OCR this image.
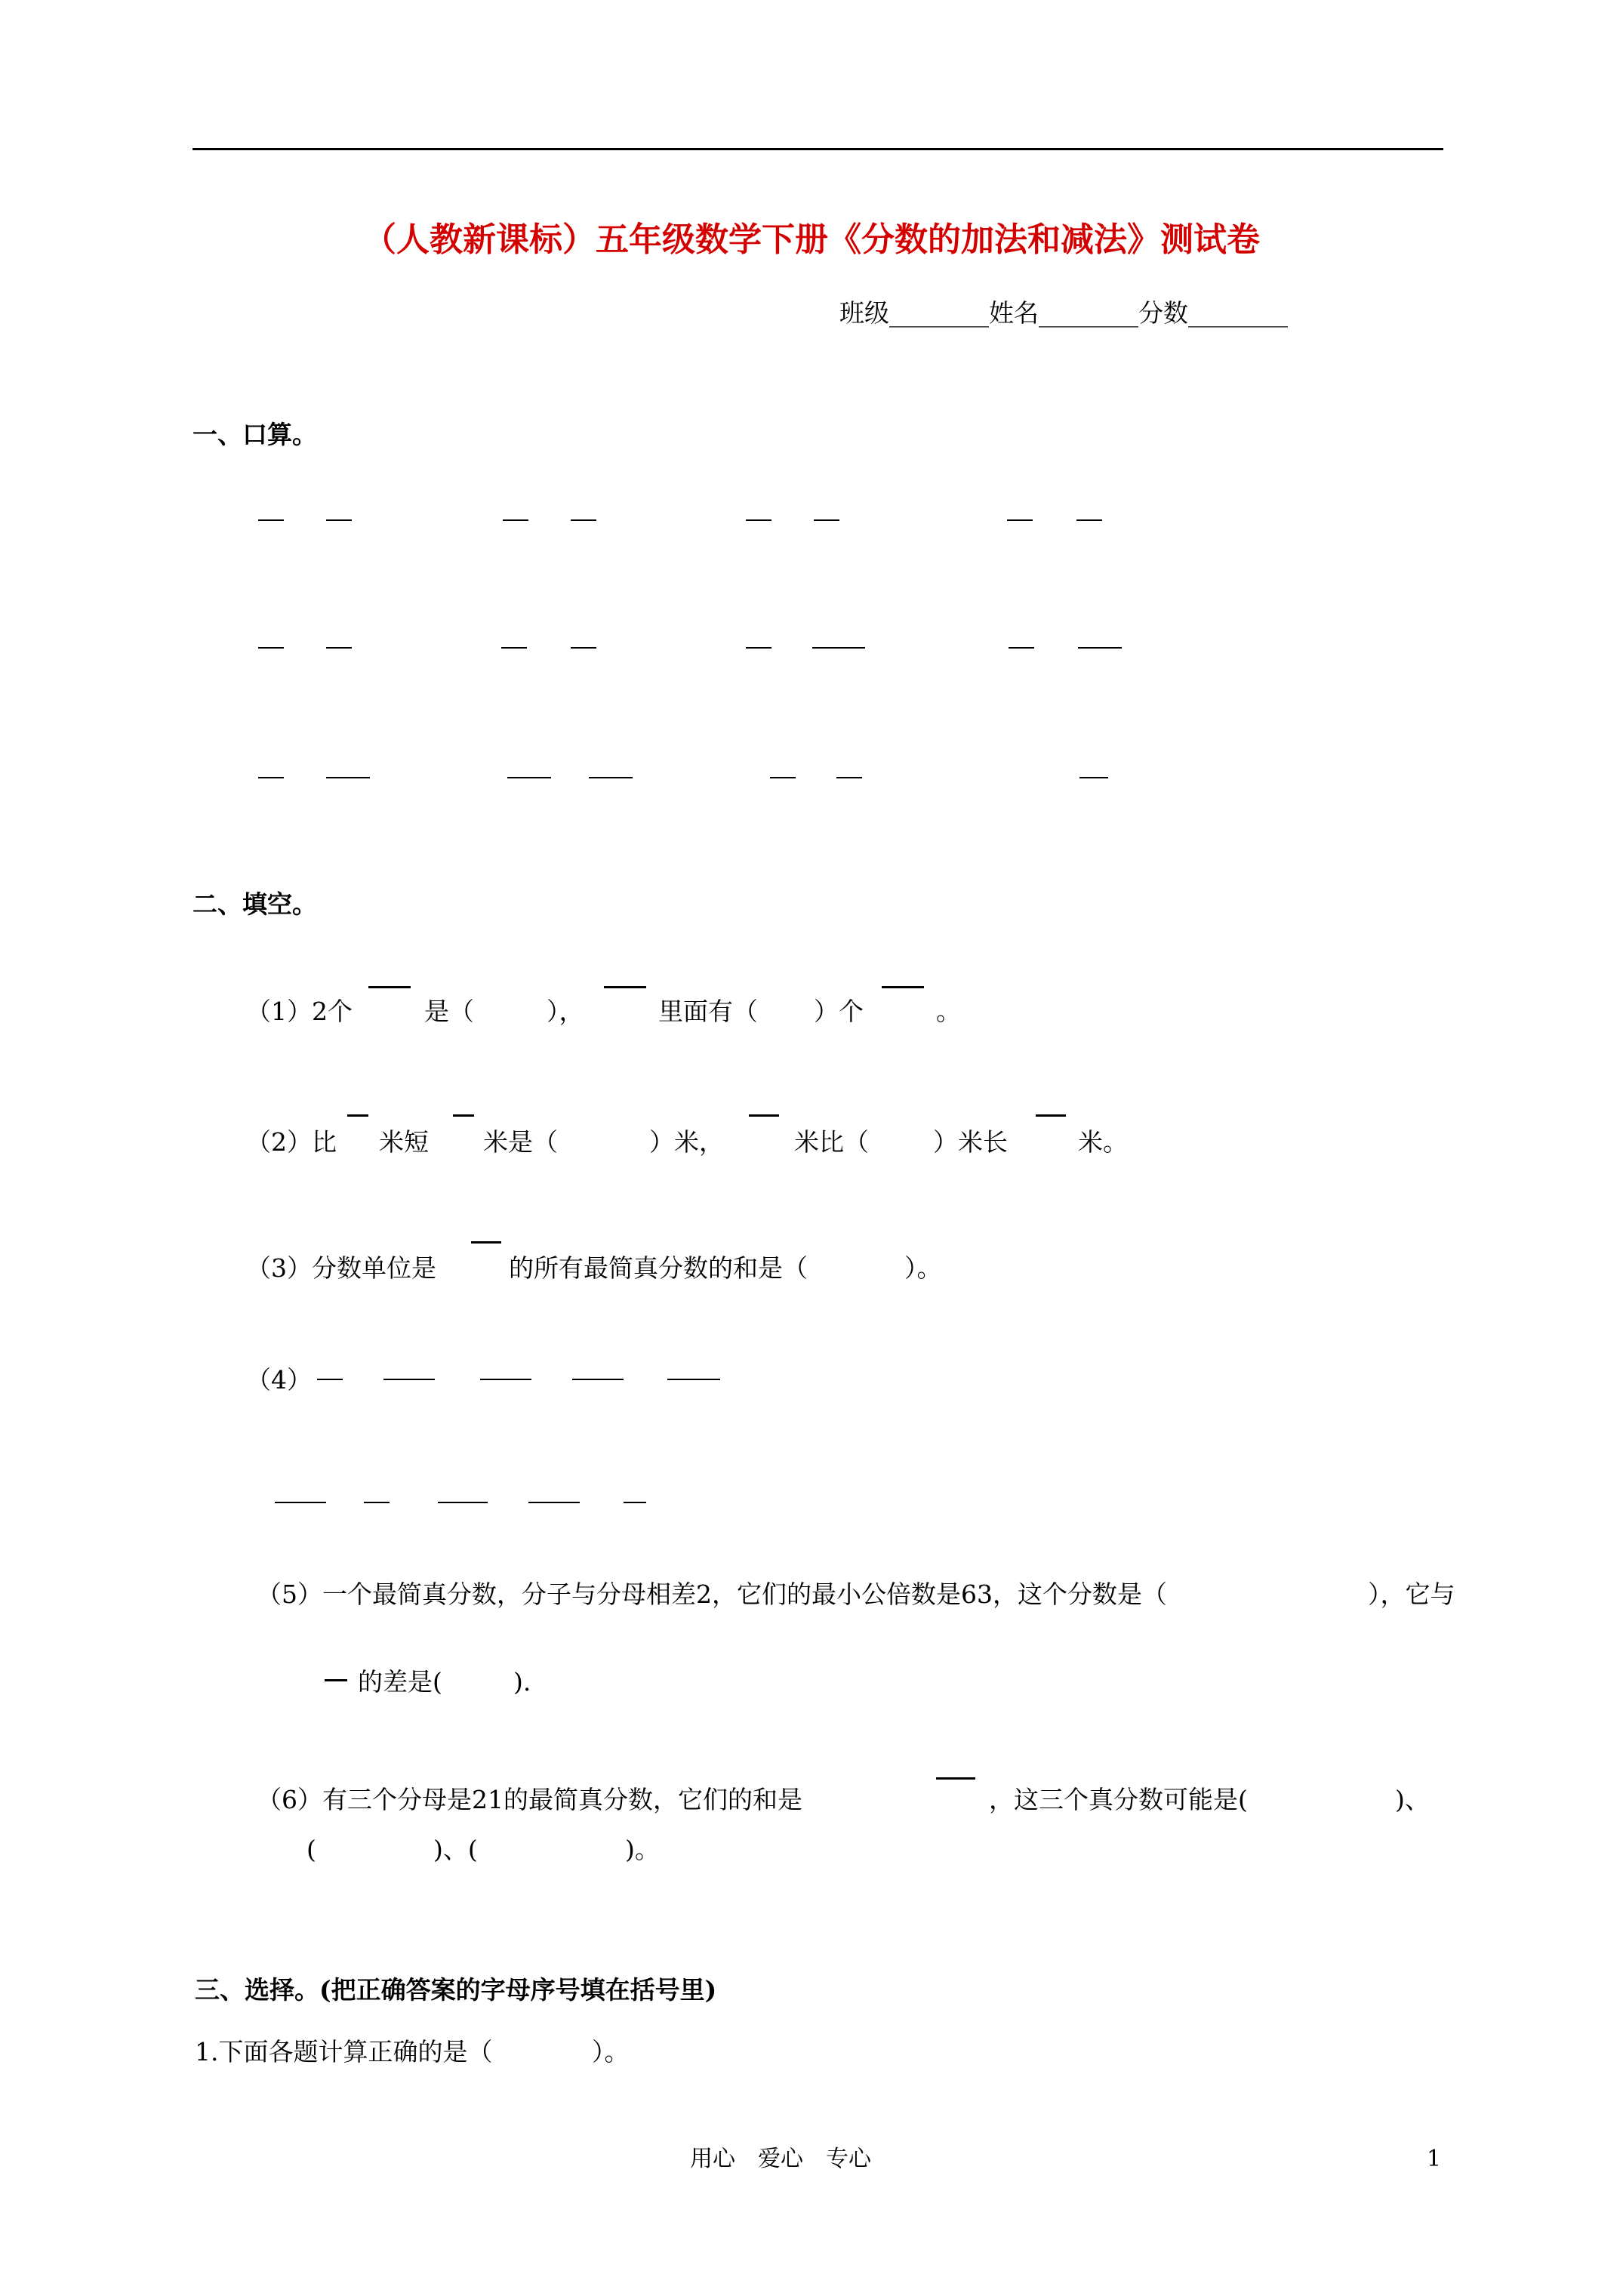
（人教新课标）五年级数学下册《分数的加法和减法》测试卷
班级________姓名________分数________
一、口算。
二、填空。
（1）2个	是（	），	里面有（ ）个	。
（2）比 米短 米是（	）米，	米比（	）米长	米。
（3）分数单位是	的所有最简真分数的和是（	）。
（4）
（5）一个最简真分数，分子与分母相差2，它们的最小公倍数是63，这个分数是（	），它与
的差是(	).
（6）有三个分母是21的最简真分数，它们的和是	，这三个真分数可能是(	)、
(	)、(	)。
三、选择。(把正确答案的字母序号填在括号里)
1.下面各题计算正确的是（	）。
用心　爱心　专心	1
